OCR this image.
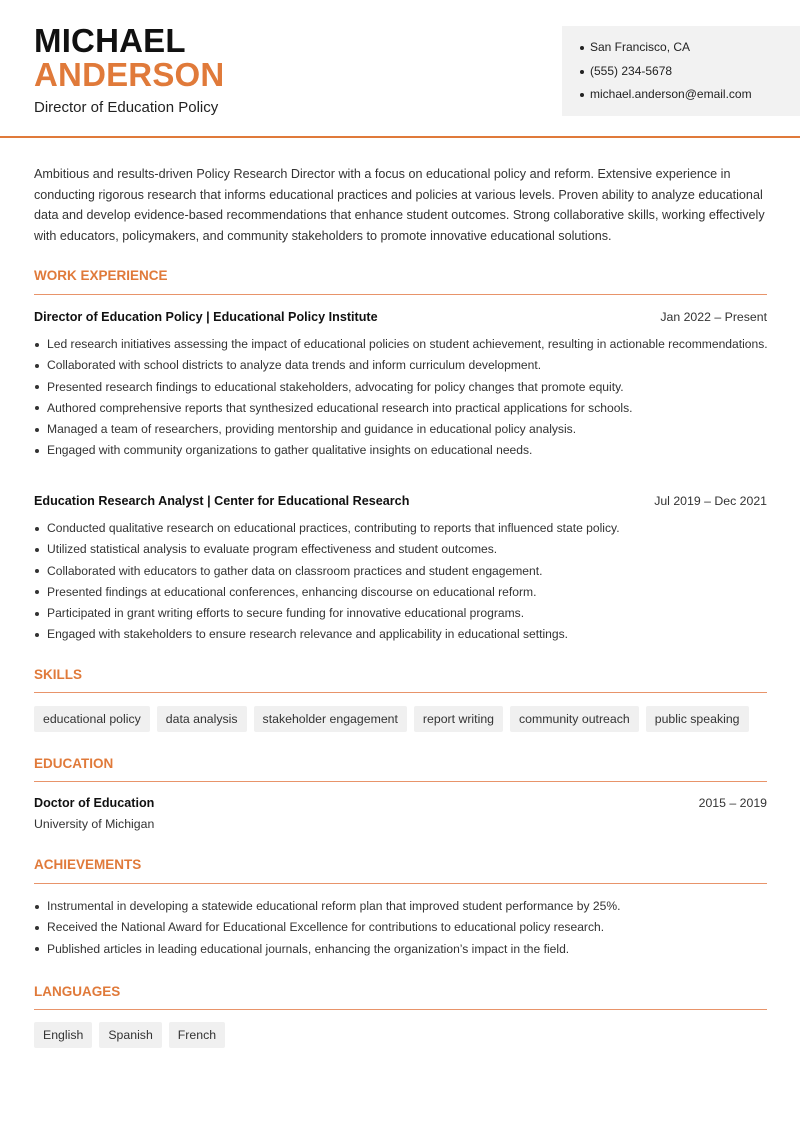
MICHAEL
ANDERSON
Director of Education Policy
San Francisco, CA
(555) 234-5678
michael.anderson@email.com

Ambitious and results-driven Policy Research Director with a focus on educational policy and reform. Extensive experience in conducting rigorous research that informs educational practices and policies at various levels. Proven ability to analyze educational data and develop evidence-based recommendations that enhance student outcomes. Strong collaborative skills, working effectively with educators, policymakers, and community stakeholders to promote innovative educational solutions.

WORK EXPERIENCE
Director of Education Policy | Educational Policy Institute	Jan 2022 – Present
Led research initiatives assessing the impact of educational policies on student achievement, resulting in actionable recommendations.
Collaborated with school districts to analyze data trends and inform curriculum development.
Presented research findings to educational stakeholders, advocating for policy changes that promote equity.
Authored comprehensive reports that synthesized educational research into practical applications for schools.
Managed a team of researchers, providing mentorship and guidance in educational policy analysis.
Engaged with community organizations to gather qualitative insights on educational needs.
Education Research Analyst | Center for Educational Research	Jul 2019 – Dec 2021
Conducted qualitative research on educational practices, contributing to reports that influenced state policy.
Utilized statistical analysis to evaluate program effectiveness and student outcomes.
Collaborated with educators to gather data on classroom practices and student engagement.
Presented findings at educational conferences, enhancing discourse on educational reform.
Participated in grant writing efforts to secure funding for innovative educational programs.
Engaged with stakeholders to ensure research relevance and applicability in educational settings.
SKILLS
educational policy	data analysis	stakeholder engagement	report writing	community outreach	public speaking
EDUCATION
Doctor of Education	2015 – 2019
University of Michigan
ACHIEVEMENTS
Instrumental in developing a statewide educational reform plan that improved student performance by 25%.
Received the National Award for Educational Excellence for contributions to educational policy research.
Published articles in leading educational journals, enhancing the organization’s impact in the field.
LANGUAGES
English	Spanish	French
